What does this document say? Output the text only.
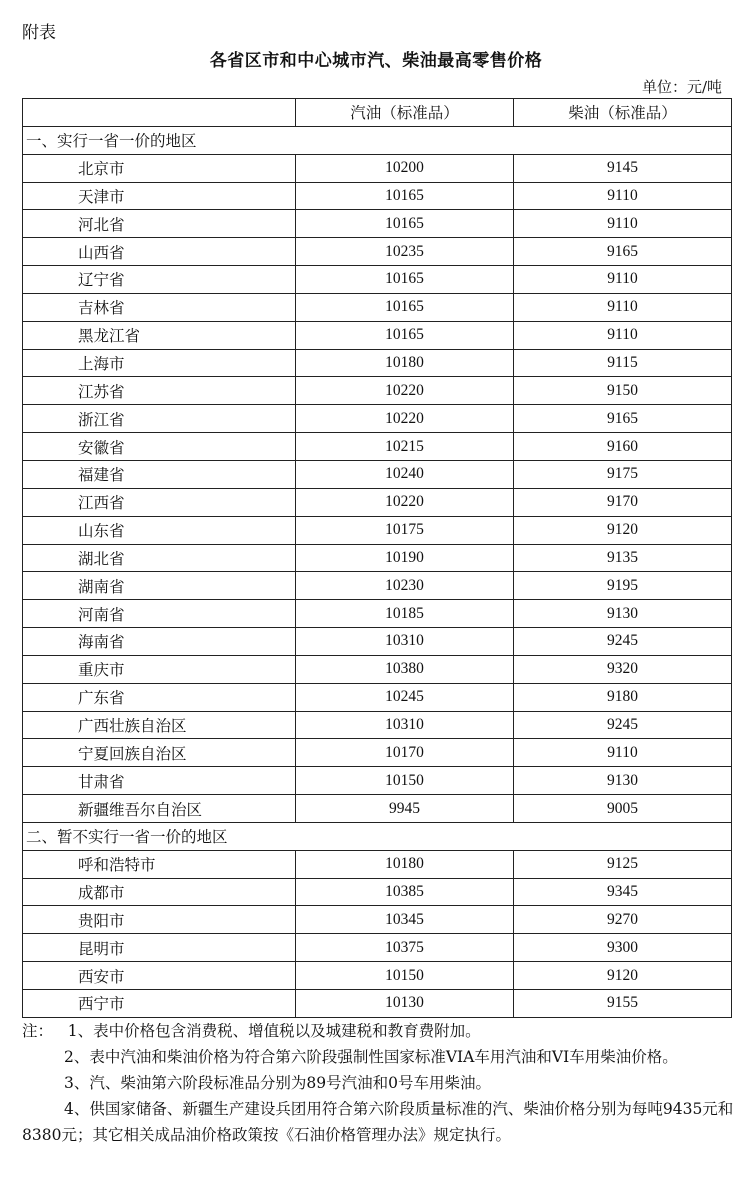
附表
各省区市和中心城市汽、柴油最高零售价格
单位：元/吨
	汽油（标准品）	柴油（标准品）
一、实行一省一价的地区		
北京市	10200	9145
天津市	10165	9110
河北省	10165	9110
山西省	10235	9165
辽宁省	10165	9110
吉林省	10165	9110
黑龙江省	10165	9110
上海市	10180	9115
江苏省	10220	9150
浙江省	10220	9165
安徽省	10215	9160
福建省	10240	9175
江西省	10220	9170
山东省	10175	9120
湖北省	10190	9135
湖南省	10230	9195
河南省	10185	9130
海南省	10310	9245
重庆市	10380	9320
广东省	10245	9180
广西壮族自治区	10310	9245
宁夏回族自治区	10170	9110
甘肃省	10150	9130
新疆维吾尔自治区	9945	9005
二、暂不实行一省一价的地区		
呼和浩特市	10180	9125
成都市	10385	9345
贵阳市	10345	9270
昆明市	10375	9300
西安市	10150	9120
西宁市	10130	9155

注： 1、表中价格包含消费税、增值税以及城建税和教育费附加。

2、表中汽油和柴油价格为符合第六阶段强制性国家标准VIA车用汽油和VI车用柴油价格。

3、汽、柴油第六阶段标准品分别为89号汽油和0号车用柴油。

4、供国家储备、新疆生产建设兵团用符合第六阶段质量标准的汽、柴油价格分别为每吨9435元和8380元；其它相关成品油价格政策按《石油价格管理办法》规定执行。
